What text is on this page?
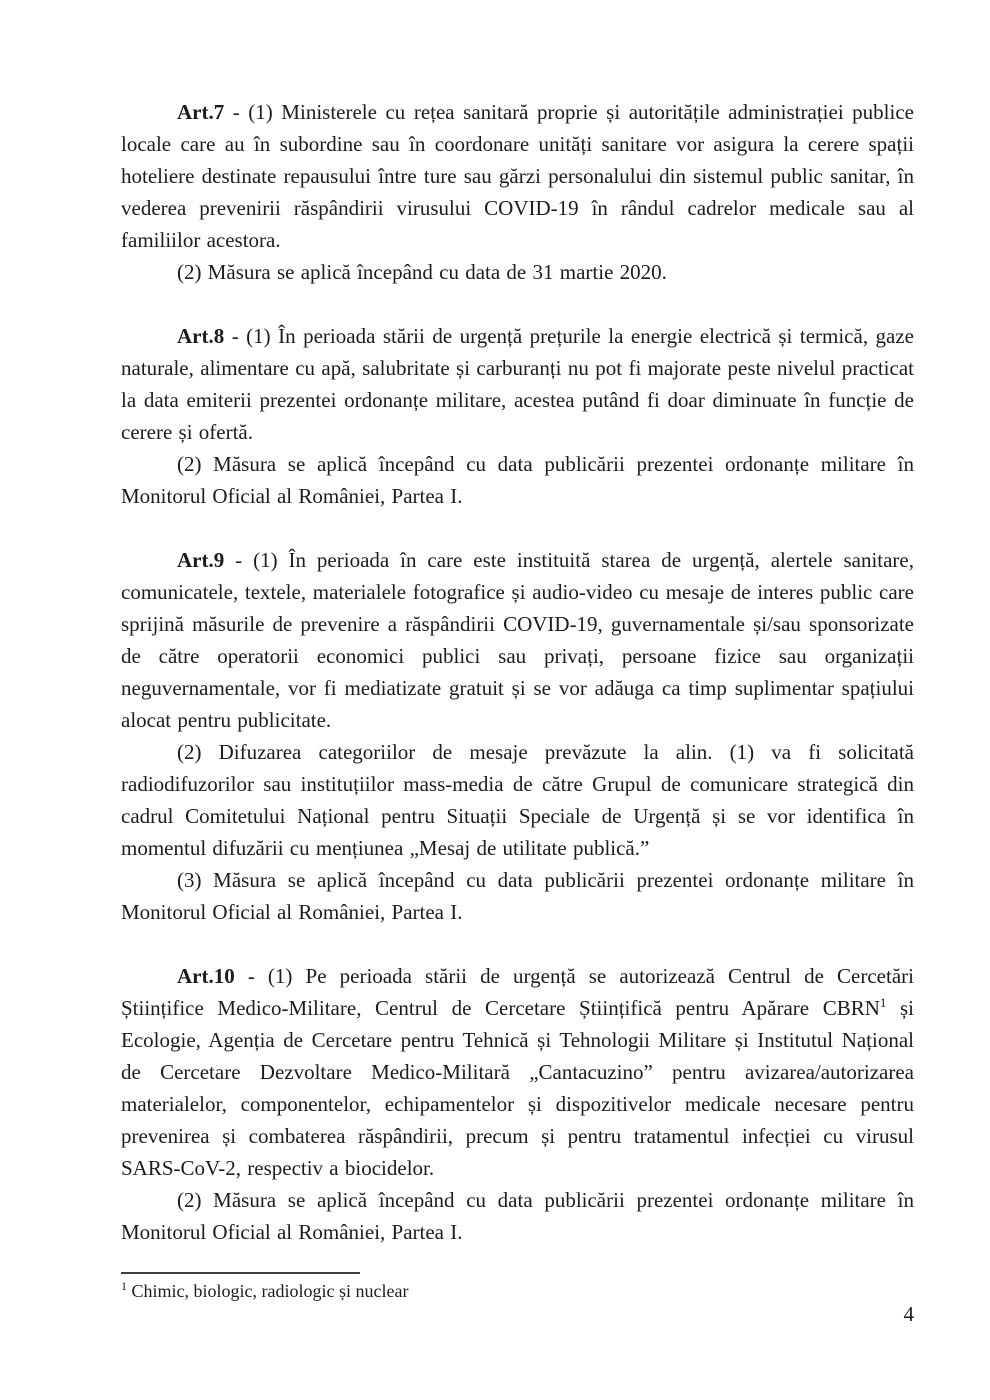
Art.7 - (1) Ministerele cu rețea sanitară proprie și autoritățile administrației publice locale care au în subordine sau în coordonare unități sanitare vor asigura la cerere spații hoteliere destinate repausului între ture sau gărzi personalului din sistemul public sanitar, în vederea prevenirii răspândirii virusului COVID-19 în rândul cadrelor medicale sau al familiilor acestora.

(2) Măsura se aplică începând cu data de 31 martie 2020.

Art.8 - (1) În perioada stării de urgență prețurile la energie electrică și termică, gaze naturale, alimentare cu apă, salubritate și carburanți nu pot fi majorate peste nivelul practicat la data emiterii prezentei ordonanțe militare, acestea putând fi doar diminuate în funcție de cerere și ofertă.

(2) Măsura se aplică începând cu data publicării prezentei ordonanțe militare în Monitorul Oficial al României, Partea I.

Art.9 - (1) În perioada în care este instituită starea de urgență, alertele sanitare, comunicatele, textele, materialele fotografice și audio-video cu mesaje de interes public care sprijină măsurile de prevenire a răspândirii COVID-19, guvernamentale și/sau sponsorizate de către operatorii economici publici sau privați, persoane fizice sau organizații neguvernamentale, vor fi mediatizate gratuit și se vor adăuga ca timp suplimentar spațiului alocat pentru publicitate.

(2) Difuzarea categoriilor de mesaje prevăzute la alin. (1) va fi solicitată radiodifuzorilor sau instituțiilor mass-media de către Grupul de comunicare strategică din cadrul Comitetului Național pentru Situații Speciale de Urgență și se vor identifica în momentul difuzării cu mențiunea „Mesaj de utilitate publică.”

(3) Măsura se aplică începând cu data publicării prezentei ordonanțe militare în Monitorul Oficial al României, Partea I.

Art.10 - (1) Pe perioada stării de urgență se autorizează Centrul de Cercetări Științifice Medico-Militare, Centrul de Cercetare Științifică pentru Apărare CBRN$^1$ și Ecologie, Agenția de Cercetare pentru Tehnică și Tehnologii Militare și Institutul Național de Cercetare Dezvoltare Medico-Militară „Cantacuzino” pentru avizarea/autorizarea materialelor, componentelor, echipamentelor și dispozitivelor medicale necesare pentru prevenirea și combaterea răspândirii, precum și pentru tratamentul infecției cu virusul SARS-CoV-2, respectiv a biocidelor.

(2) Măsura se aplică începând cu data publicării prezentei ordonanțe militare în Monitorul Oficial al României, Partea I.

$^1$ Chimic, biologic, radiologic și nuclear

4
